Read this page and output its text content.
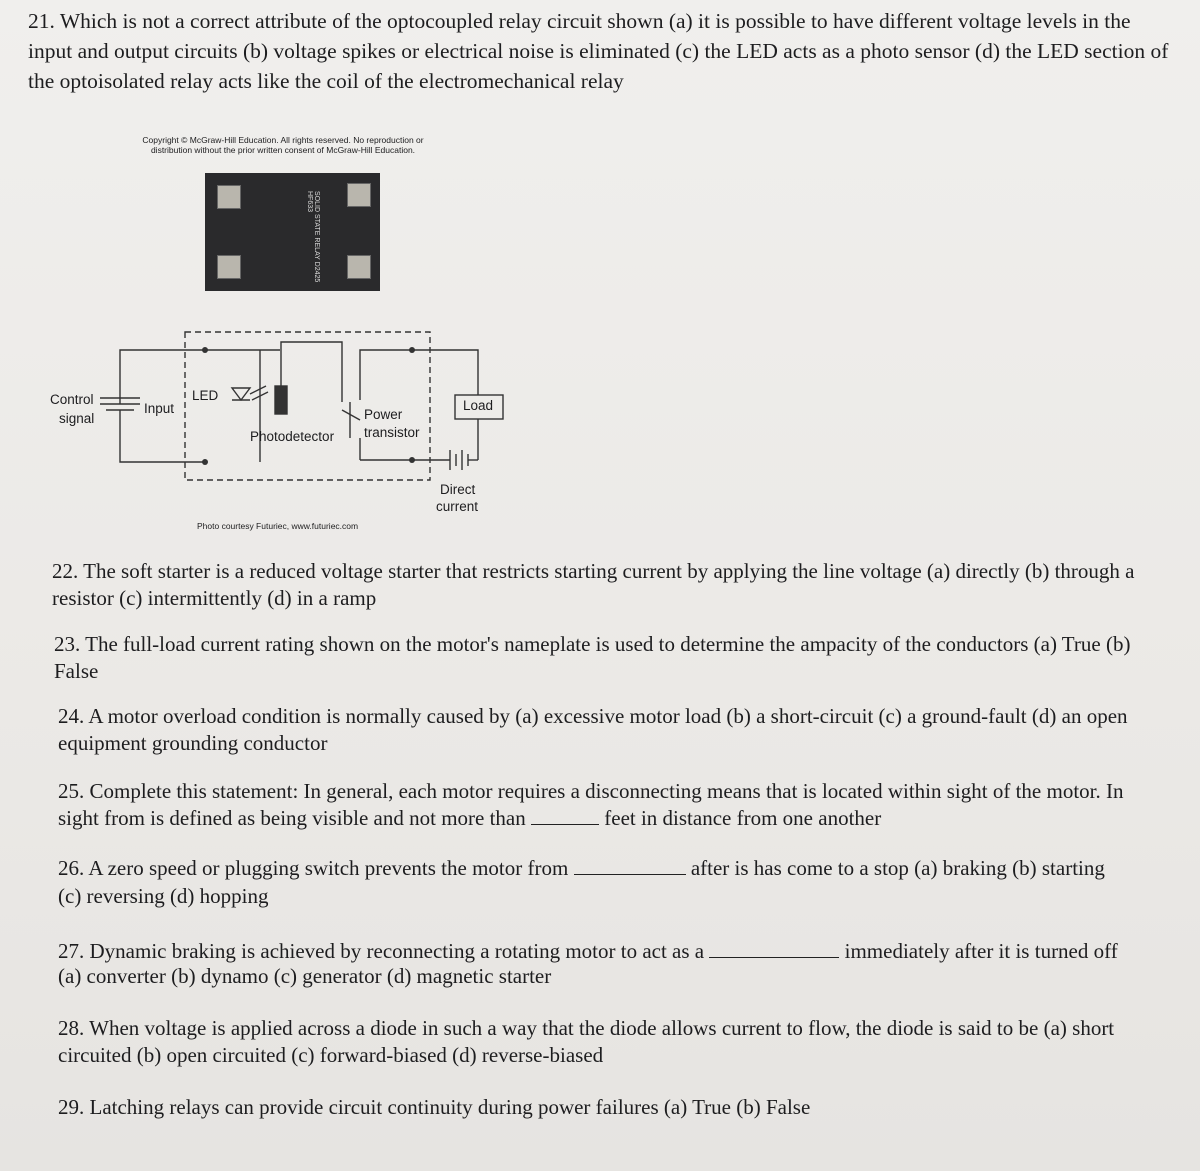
21. Which is not a correct attribute of the optocoupled relay circuit shown (a) it is possible to have different voltage levels in the input and output circuits (b) voltage spikes or electrical noise is eliminated (c) the LED acts as a photo sensor (d) the LED section of the optoisolated relay acts like the coil of the electromechanical relay
Copyright © McGraw-Hill Education. All rights reserved. No reproduction or
distribution without the prior written consent of McGraw-Hill Education.
SOLID STATE RELAY D2425 HF633
Control
signal
Input
LED
Photodetector
Power
transistor
Load
Direct
current
Photo courtesy Futuriec, www.futuriec.com
22. The soft starter is a reduced voltage starter that restricts starting current by applying the line voltage (a) directly (b) through a resistor (c) intermittently (d) in a ramp
23. The full-load current rating shown on the motor's nameplate is used to determine the ampacity of the conductors (a) True (b) False
24. A motor overload condition is normally caused by (a) excessive motor load (b) a short-circuit (c) a ground-fault (d) an open equipment grounding conductor
25. Complete this statement: In general, each motor requires a disconnecting means that is located within sight of the motor. In sight from is defined as being visible and not more than	feet in distance from one another
26. A zero speed or plugging switch prevents the motor from	after is has come to a stop (a) braking (b) starting
(c) reversing (d) hopping
27. Dynamic braking is achieved by reconnecting a rotating motor to act as a	immediately after it is turned off
(a) converter (b) dynamo (c) generator (d) magnetic starter
28. When voltage is applied across a diode in such a way that the diode allows current to flow, the diode is said to be (a) short circuited (b) open circuited (c) forward-biased (d) reverse-biased
29. Latching relays can provide circuit continuity during power failures (a) True (b) False
